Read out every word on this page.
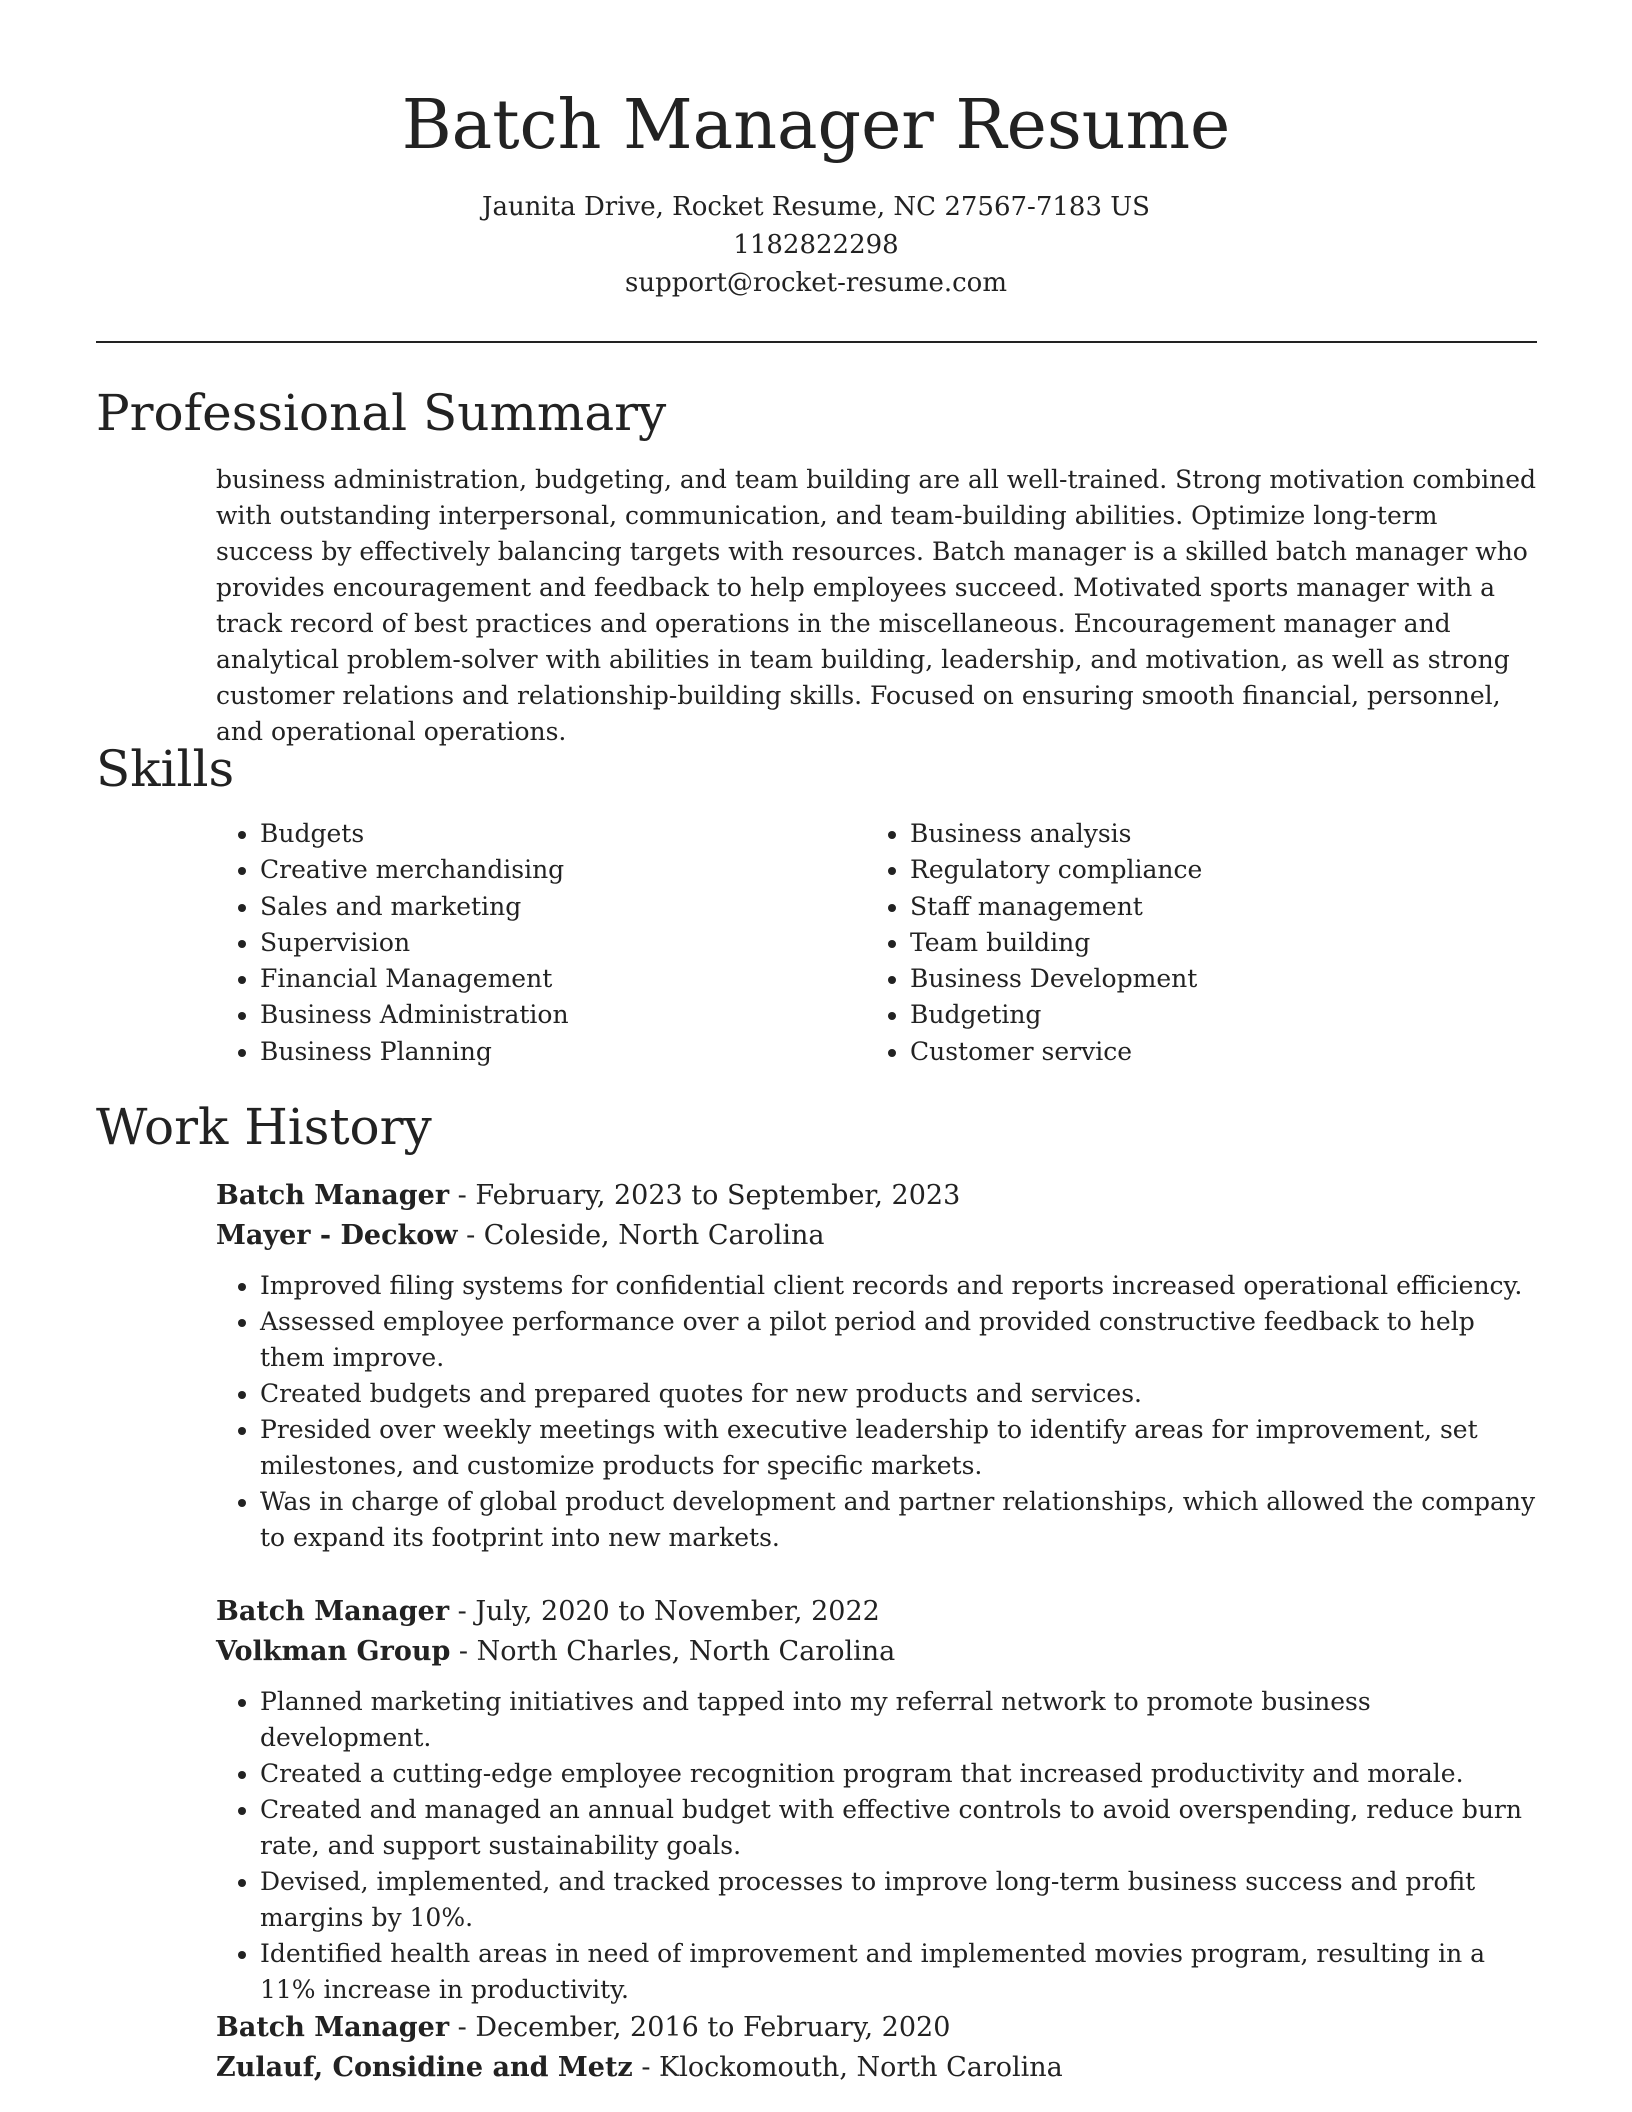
Batch Manager Resume
Jaunita Drive, Rocket Resume, NC 27567-7183 US
1182822298
support@rocket-resume.com
Professional Summary

business administration, budgeting, and team building are all well-trained. Strong motivation combined with outstanding interpersonal, communication, and team-building abilities. Optimize long-term success by effectively balancing targets with resources. Batch manager is a skilled batch manager who provides encouragement and feedback to help employees succeed. Motivated sports manager with a track record of best practices and operations in the miscellaneous. Encouragement manager and analytical problem-solver with abilities in team building, leadership, and motivation, as well as strong customer relations and relationship-building skills. Focused on ensuring smooth financial, personnel, and operational operations.

Skills
• Budgets
• Creative merchandising
• Sales and marketing
• Supervision
• Financial Management
• Business Administration
• Business Planning
• Business analysis
• Regulatory compliance
• Staff management
• Team building
• Business Development
• Budgeting
• Customer service
Work History

Batch Manager - February, 2023 to September, 2023

Mayer - Deckow - Coleside, North Carolina

• Improved filing systems for confidential client records and reports increased operational efficiency.
• Assessed employee performance over a pilot period and provided constructive feedback to help them improve.
• Created budgets and prepared quotes for new products and services.
• Presided over weekly meetings with executive leadership to identify areas for improvement, set milestones, and customize products for specific markets.
• Was in charge of global product development and partner relationships, which allowed the company to expand its footprint into new markets.

Batch Manager - July, 2020 to November, 2022

Volkman Group - North Charles, North Carolina

• Planned marketing initiatives and tapped into my referral network to promote business development.
• Created a cutting-edge employee recognition program that increased productivity and morale.
• Created and managed an annual budget with effective controls to avoid overspending, reduce burn rate, and support sustainability goals.
• Devised, implemented, and tracked processes to improve long-term business success and profit margins by 10%.
• Identified health areas in need of improvement and implemented movies program, resulting in a 11% increase in productivity.

Batch Manager - December, 2016 to February, 2020

Zulauf, Considine and Metz - Klockomouth, North Carolina
